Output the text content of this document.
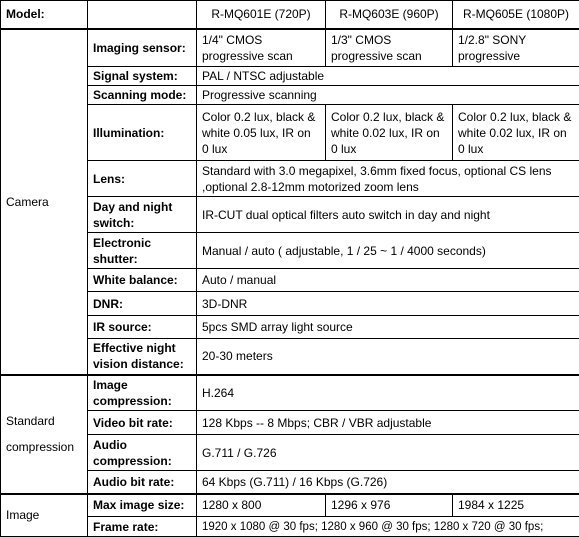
Model:		R-MQ601E (720P)	R-MQ603E (960P)	R-MQ605E (1080P)
Camera	Imaging sensor:	1/4" CMOS progressive scan	1/3" CMOS progressive scan	1/2.8" SONY progressive
	Signal system:	PAL / NTSC adjustable		
	Scanning mode:	Progressive scanning		
	Illumination:	Color 0.2 lux, black & white 0.05 lux, IR on 0 lux	Color 0.2 lux, black & white 0.02 lux, IR on 0 lux	Color 0.2 lux, black & white 0.02 lux, IR on 0 lux
	Lens:	Standard with 3.0 megapixel, 3.6mm fixed focus, optional CS lens ,optional 2.8-12mm motorized zoom lens		
	Day and night switch:	IR-CUT dual optical filters auto switch in day and night		
	Electronic shutter:	Manual / auto ( adjustable, 1 / 25 ~ 1 / 4000 seconds)		
	White balance:	Auto / manual		
	DNR:	3D-DNR		
	IR source:	5pcs SMD array light source		
	Effective night vision distance:	20-30 meters		

Standard
compression	Image compression:	H.264		
	Video bit rate:	128 Kbps -- 8 Mbps; CBR / VBR adjustable		
	Audio compression:	G.711 / G.726		
	Audio bit rate:	64 Kbps (G.711) / 16 Kbps (G.726)		
Image	Max image size:	1280 x 800	1296 x 976	1984 x 1225
	Frame rate:	1920 x 1080 @ 30 fps; 1280 x 960 @ 30 fps; 1280 x 720 @ 30 fps;		
